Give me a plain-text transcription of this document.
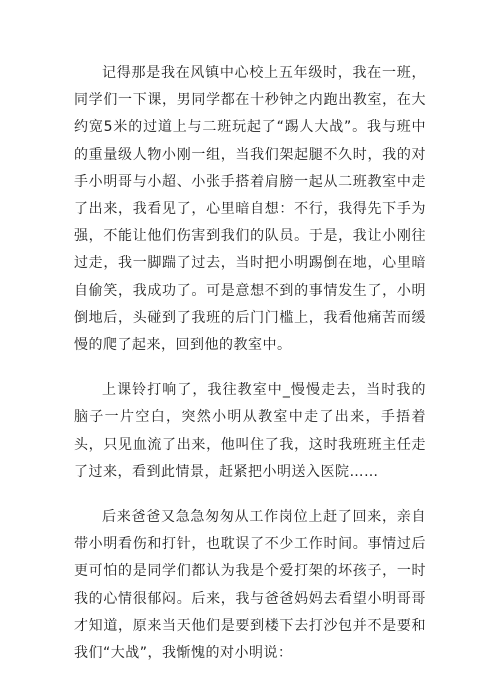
记得那是我在风镇中心校上五年级时，我在一班，同学们一下课，男同学都在十秒钟之内跑出教室，在大约宽5米的过道上与二班玩起了“踢人大战”。我与班中的重量级人物小刚一组，当我们架起腿不久时，我的对手小明哥与小超、小张手搭着肩膀一起从二班教室中走了出来，我看见了，心里暗自想：不行，我得先下手为强，不能让他们伤害到我们的队员。于是，我让小刚往过走，我一脚踹了过去，当时把小明踢倒在地，心里暗自偷笑，我成功了。可是意想不到的事情发生了，小明倒地后，头碰到了我班的后门门槛上，我看他痛苦而缓慢的爬了起来，回到他的教室中。

上课铃打响了，我往教室中_慢慢走去，当时我的脑子一片空白，突然小明从教室中走了出来，手捂着头，只见血流了出来，他叫住了我，这时我班班主任走了过来，看到此情景，赶紧把小明送入医院……

后来爸爸又急急匆匆从工作岗位上赶了回来，亲自带小明看伤和打针，也耽误了不少工作时间。事情过后更可怕的是同学们都认为我是个爱打架的坏孩子，一时我的心情很郁闷。后来，我与爸爸妈妈去看望小明哥哥才知道，原来当天他们是要到楼下去打沙包并不是要和我们“大战”，我惭愧的对小明说：
